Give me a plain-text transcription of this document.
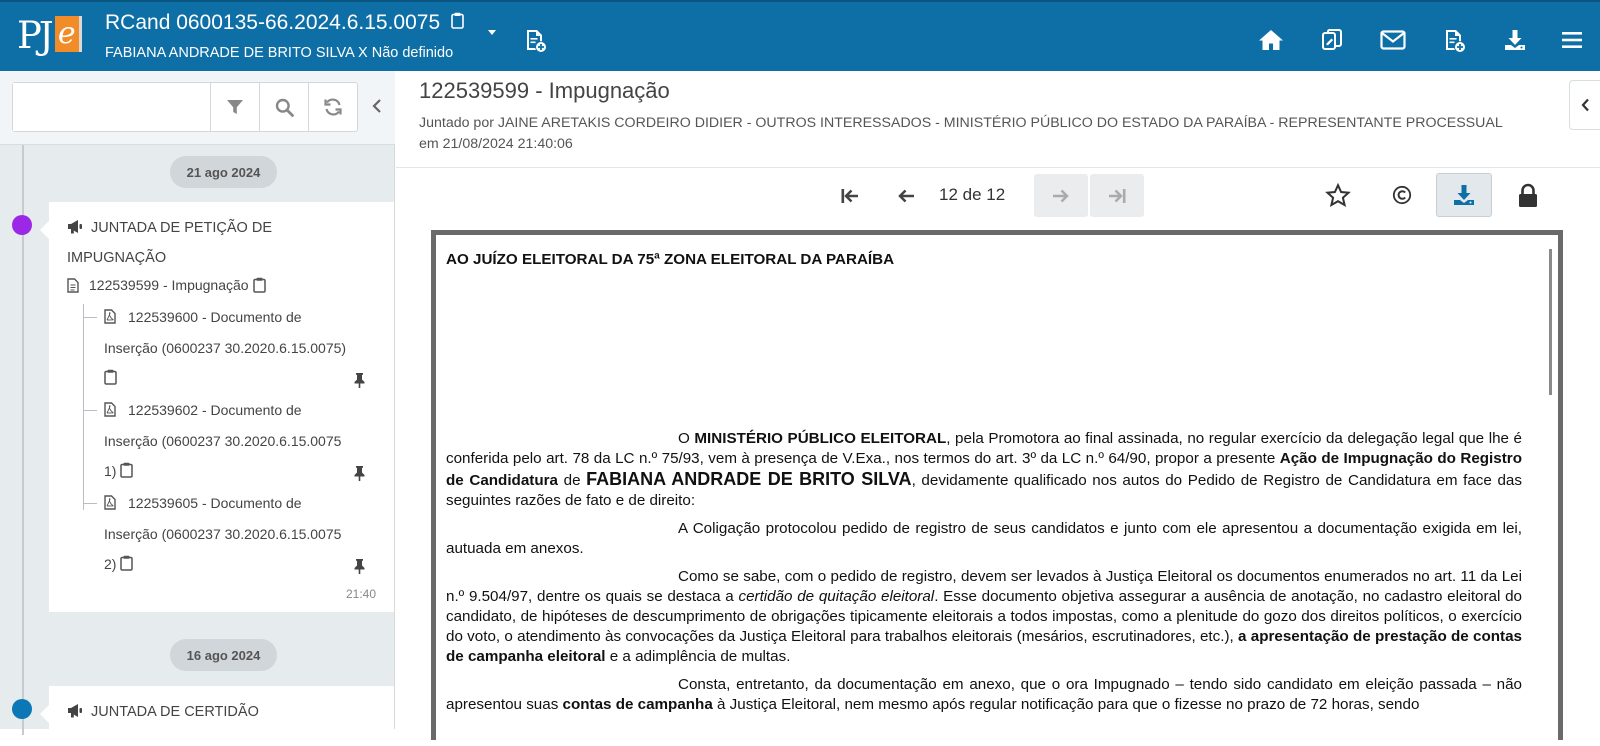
PJ e RCand 0600135-66.2024.6.15.0075
FABIANA ANDRADE DE BRITO SILVA X Não definido
21 ago 2024
JUNTADA DE PETIÇÃO DE
IMPUGNAÇÃO
122539599 - Impugnação
122539600 - Documento de
Inserção (0600237 30.2020.6.15.0075)

122539602 - Documento de
Inserção (0600237 30.2020.6.15.0075
1)
122539605 - Documento de
Inserção (0600237 30.2020.6.15.0075
2)
21:40
16 ago 2024
JUNTADA DE CERTIDÃO
122539599 - Impugnação
Juntado por JAINE ARETAKIS CORDEIRO DIDIER - OUTROS INTERESSADOS - MINISTÉRIO PÚBLICO DO ESTADO DA PARAÍBA - REPRESENTANTE PROCESSUAL
em 21/08/2024 21:40:06
12 de 12
AO JUÍZO ELEITORAL DA 75ª ZONA ELEITORAL DA PARAÍBA
O MINISTÉRIO PÚBLICO ELEITORAL, pela Promotora ao final assinada, no regular exercício da delegação legal que lhe é conferida pelo art. 78 da LC n.º 75/93, vem à presença de V.Exa., nos termos do art. 3º da LC n.º 64/90, propor a presente Ação de Impugnação do Registro de Candidatura de FABIANA ANDRADE DE BRITO SILVA, devidamente qualificado nos autos do Pedido de Registro de Candidatura em face das seguintes razões de fato e de direito:
A Coligação protocolou pedido de registro de seus candidatos e junto com ele apresentou a documentação exigida em lei, autuada em anexos.
Como se sabe, com o pedido de registro, devem ser levados à Justiça Eleitoral os documentos enumerados no art. 11 da Lei n.º 9.504/97, dentre os quais se destaca a certidão de quitação eleitoral. Esse documento objetiva assegurar a ausência de anotação, no cadastro eleitoral do candidato, de hipóteses de descumprimento de obrigações tipicamente eleitorais a todos impostas, como a plenitude do gozo dos direitos políticos, o exercício do voto, o atendimento às convocações da Justiça Eleitoral para trabalhos eleitorais (mesários, escrutinadores, etc.), a apresentação de prestação de contas de campanha eleitoral e a adimplência de multas.
Consta, entretanto, da documentação em anexo, que o ora Impugnado – tendo sido candidato em eleição passada – não apresentou suas contas de campanha à Justiça Eleitoral, nem mesmo após regular notificação para que o fizesse no prazo de 72 horas, sendo
